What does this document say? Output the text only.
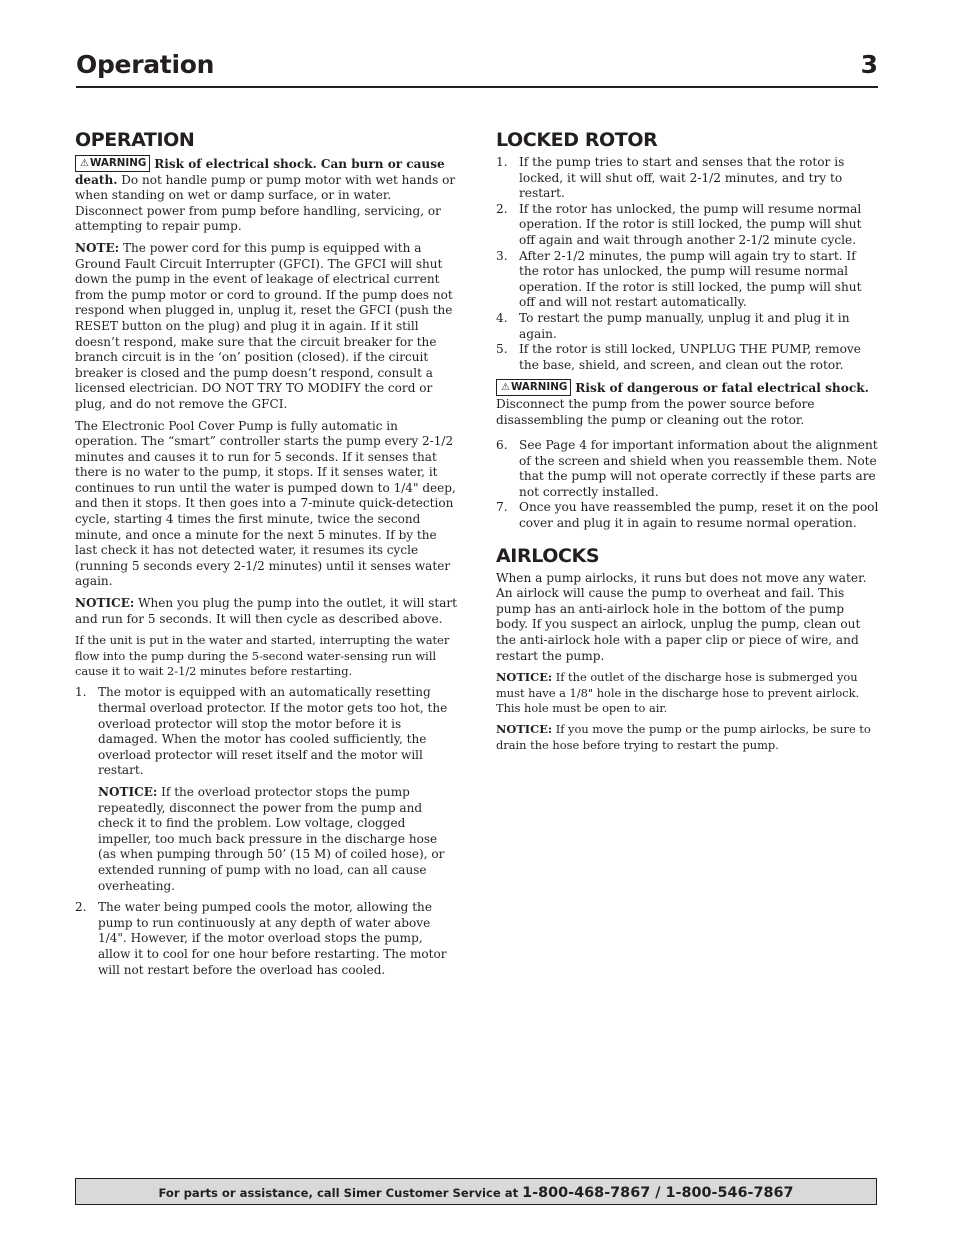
Operation	3
OPERATION

⚠WARNING Risk of electrical shock. Can burn or cause death. Do not handle pump or pump motor with wet hands or when standing on wet or damp surface, or in water. Disconnect power from pump before handling, servicing, or attempting to repair pump.

NOTE: The power cord for this pump is equipped with a Ground Fault Circuit Interrupter (GFCI). The GFCI will shut down the pump in the event of leakage of electrical current from the pump motor or cord to ground. If the pump does not respond when plugged in, unplug it, reset the GFCI (push the RESET button on the plug) and plug it in again. If it still doesn’t respond, make sure that the circuit breaker for the branch circuit is in the ‘on’ position (closed). if the circuit breaker is closed and the pump doesn’t respond, consult a licensed electrician. DO NOT TRY TO MODIFY the cord or plug, and do not remove the GFCI.

The Electronic Pool Cover Pump is fully automatic in operation. The “smart” controller starts the pump every 2-1/2 minutes and causes it to run for 5 seconds. If it senses that there is no water to the pump, it stops. If it senses water, it continues to run until the water is pumped down to 1/4" deep, and then it stops. It then goes into a 7-minute quick-detection cycle, starting 4 times the first minute, twice the second minute, and once a minute for the next 5 minutes. If by the last check it has not detected water, it resumes its cycle (running 5 seconds every 2-1/2 minutes) until it senses water again.

NOTICE: When you plug the pump into the outlet, it will start and run for 5 seconds. It will then cycle as described above.

If the unit is put in the water and started, interrupting the water flow into the pump during the 5-second water-sensing run will cause it to wait 2-1/2 minutes before restarting.

1. The motor is equipped with an automatically resetting thermal overload protector. If the motor gets too hot, the overload protector will stop the motor before it is damaged. When the motor has cooled sufficiently, the overload protector will reset itself and the motor will restart.

NOTICE: If the overload protector stops the pump repeatedly, disconnect the power from the pump and check it to find the problem. Low voltage, clogged impeller, too much back pressure in the discharge hose (as when pumping through 50’ (15 M) of coiled hose), or extended running of pump with no load, can all cause overheating.

2. The water being pumped cools the motor, allowing the pump to run continuously at any depth of water above 1/4". However, if the motor overload stops the pump, allow it to cool for one hour before restarting. The motor will not restart before the overload has cooled.
LOCKED ROTOR
1. If the pump tries to start and senses that the rotor is locked, it will shut off, wait 2-1/2 minutes, and try to restart.
2. If the rotor has unlocked, the pump will resume normal operation. If the rotor is still locked, the pump will shut off again and wait through another 2-1/2 minute cycle.
3. After 2-1/2 minutes, the pump will again try to start. If the rotor has unlocked, the pump will resume normal operation. If the rotor is still locked, the pump will shut off and will not restart automatically.
4. To restart the pump manually, unplug it and plug it in again.
5. If the rotor is still locked, UNPLUG THE PUMP, remove the base, shield, and screen, and clean out the rotor.

⚠WARNING Risk of dangerous or fatal electrical shock. Disconnect the pump from the power source before disassembling the pump or cleaning out the rotor.

6. See Page 4 for important information about the alignment of the screen and shield when you reassemble them. Note that the pump will not operate correctly if these parts are not correctly installed.
7. Once you have reassembled the pump, reset it on the pool cover and plug it in again to resume normal operation.
AIRLOCKS

When a pump airlocks, it runs but does not move any water. An airlock will cause the pump to overheat and fail. This pump has an anti-airlock hole in the bottom of the pump body. If you suspect an airlock, unplug the pump, clean out the anti-airlock hole with a paper clip or piece of wire, and restart the pump.

NOTICE: If the outlet of the discharge hose is submerged you must have a 1/8" hole in the discharge hose to prevent airlock. This hole must be open to air.

NOTICE: If you move the pump or the pump airlocks, be sure to drain the hose before trying to restart the pump.

For parts or assistance, call Simer Customer Service at 1-800-468-7867 / 1-800-546-7867
